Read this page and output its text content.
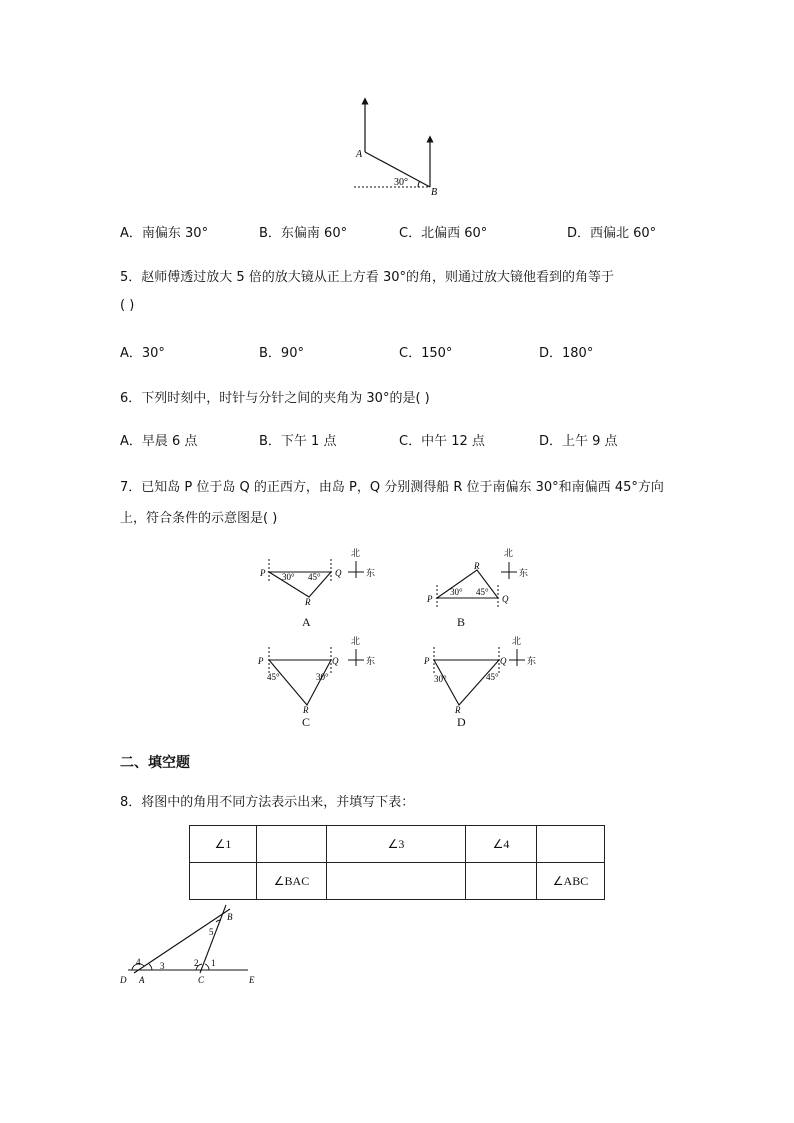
A
B
30°
A．南偏东 30°	B．东偏南 60°	C．北偏西 60°	D．西偏北 60°
5．赵师傅透过放大 5 倍的放大镜从正上方看 30°的角，则通过放大镜他看到的角等于
( )
A．30°	B．90°	C．150°	D．180°
6．下列时刻中，时针与分针之间的夹角为 30°的是( )
A．早晨 6 点	B．下午 1 点	C．中午 12 点	D．上午 9 点
7．已知岛 P 位于岛 Q 的正西方，由岛 P，Q 分别测得船 R 位于南偏东 30°和南偏西 45°方向
上，符合条件的示意图是( )
P	Q
R
30° 45°
北
东
A
P	Q
R
30° 45°
北
东
B
P	Q
R
45°	30°
北
东
C
P	Q
R
30°	45°
北
东
D
二、填空题
8．将图中的角用不同方法表示出来，并填写下表：
∠1		∠3	∠4	
	∠BAC			∠ABC
B
D A	C	E
1
2
3
4
5
